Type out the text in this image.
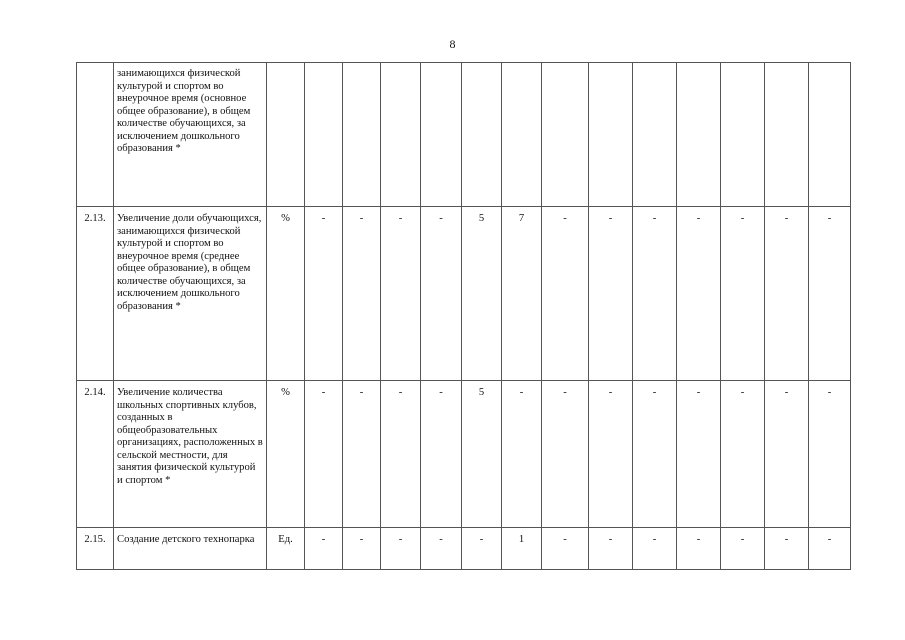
8
	занимающихся физической культурой и спортом во внеурочное время (основное общее образование), в общем количестве обучающихся, за исключением дошкольного образования *														
2.13.	Увеличение доли обучающихся, занимающихся физической культурой и спортом во внеурочное время (среднее общее образование), в общем количестве обучающихся, за исключением дошкольного образования *	%	-	-	-	-	5	7	-	-	-	-	-	-	-
2.14.	Увеличение количества школьных спортивных клубов, созданных в общеобразовательных организациях, расположенных в сельской местности, для занятия физической культурой и спортом *	%	-	-	-	-	5	-	-	-	-	-	-	-	-
2.15.	Создание детского технопарка	Ед.	-	-	-	-	-	1	-	-	-	-	-	-	-
